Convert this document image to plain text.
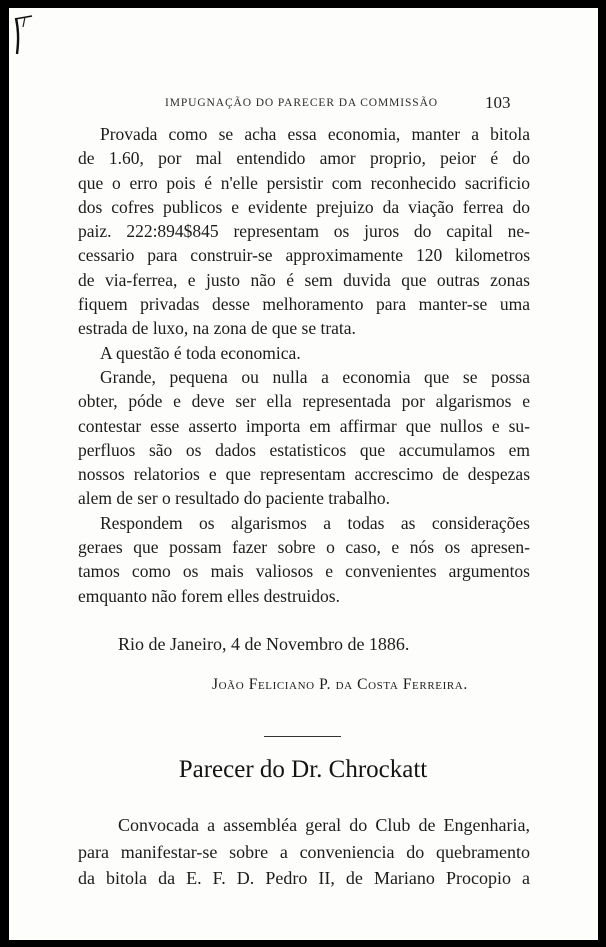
IMPUGNAÇÃO DO PARECER DA COMMISSÃO	103
Provada como se acha essa economia, manter a bitola
de 1.60, por mal entendido amor proprio, peior é do
que o erro pois é n'elle persistir com reconhecido sacrificio
dos cofres publicos e evidente prejuizo da viação ferrea do
paiz. 222:894$845 representam os juros do capital ne-
cessario para construir-se approximamente 120 kilometros
de via-ferrea, e justo não é sem duvida que outras zonas
fiquem privadas desse melhoramento para manter-se uma
estrada de luxo, na zona de que se trata.
A questão é toda economica.
Grande, pequena ou nulla a economia que se possa
obter, póde e deve ser ella representada por algarismos e
contestar esse asserto importa em affirmar que nullos e su-
perfluos são os dados estatisticos que accumulamos em
nossos relatorios e que representam accrescimo de despezas
alem de ser o resultado do paciente trabalho.
Respondem os algarismos a todas as considerações
geraes que possam fazer sobre o caso, e nós os apresen-
tamos como os mais valiosos e convenientes argumentos
emquanto não forem elles destruidos.
Rio de Janeiro, 4 de Novembro de 1886.
João Feliciano P. da Costa Ferreira.
Parecer do Dr. Chrockatt
Convocada a assembléa geral do Club de Engenharia,
para manifestar-se sobre a conveniencia do quebramento
da bitola da E. F. D. Pedro II, de Mariano Procopio a
